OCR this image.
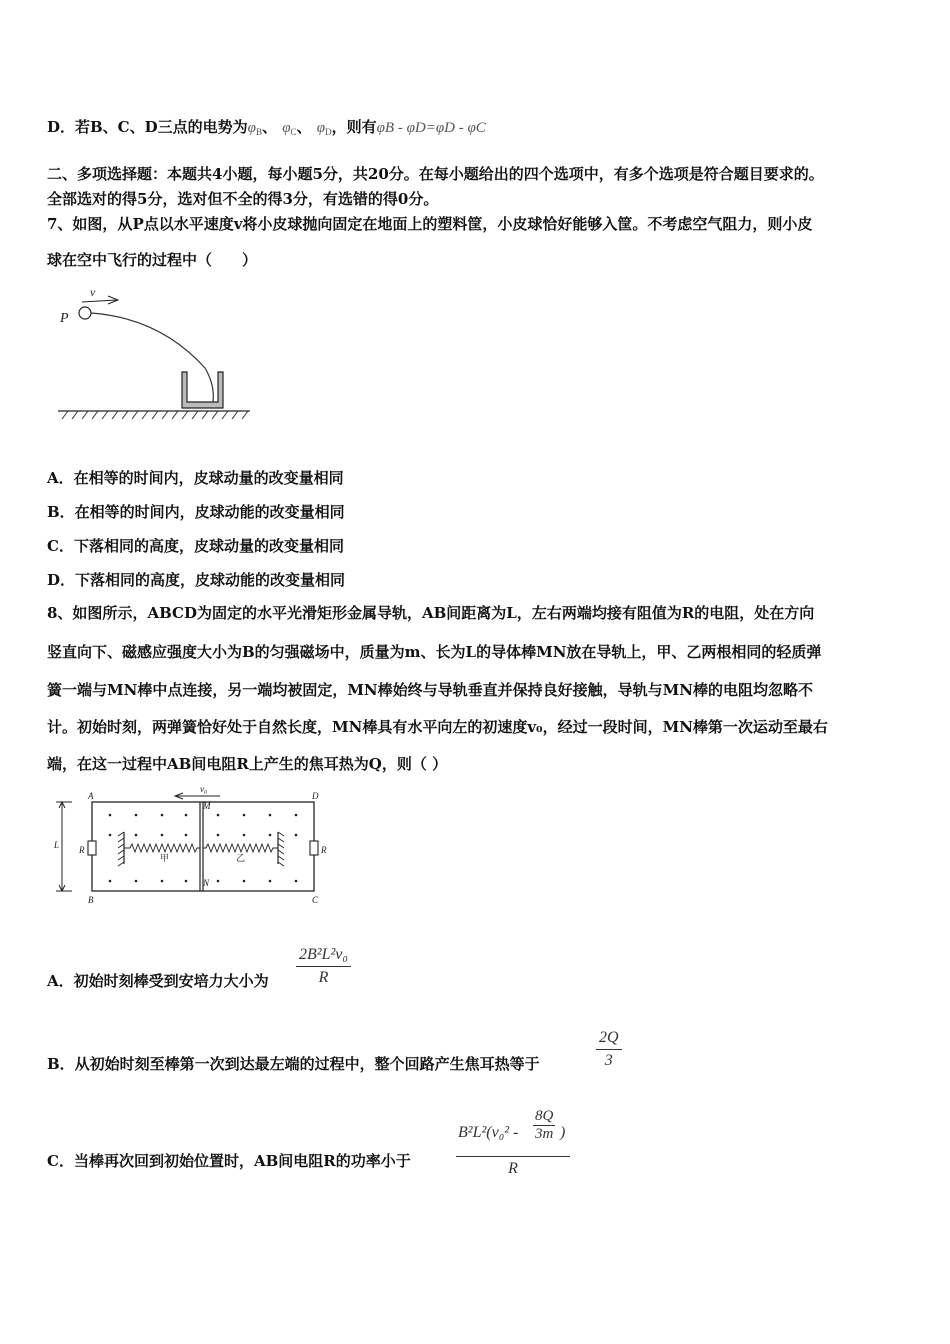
D．若B、C、D三点的电势为$\varphi_B$、 $\varphi_C$、 $\varphi_D$，则有φB - φD=φD - φC
二、多项选择题：本题共4小题，每小题5分，共20分。在每小题给出的四个选项中，有多个选项是符合题目要求的。
全部选对的得5分，选对但不全的得3分，有选错的得0分。
7、如图，从P点以水平速度v将小皮球抛向固定在地面上的塑料筐，小皮球恰好能够入筐。不考虑空气阻力，则小皮
球在空中飞行的过程中（　　）
v
P
A．在相等的时间内，皮球动量的改变量相同
B．在相等的时间内，皮球动能的改变量相同
C．下落相同的高度，皮球动量的改变量相同
D．下落相同的高度，皮球动能的改变量相同
8、如图所示，ABCD为固定的水平光滑矩形金属导轨，AB间距离为L，左右两端均接有阻值为R的电阻，处在方向
竖直向下、磁感应强度大小为B的匀强磁场中，质量为m、长为L的导体棒MN放在导轨上，甲、乙两根相同的轻质弹
簧一端与MN棒中点连接，另一端均被固定，MN棒始终与导轨垂直并保持良好接触，导轨与MN棒的电阻均忽略不
计。初始时刻，两弹簧恰好处于自然长度，MN棒具有水平向左的初速度v₀，经过一段时间，MN棒第一次运动至最右
端，在这一过程中AB间电阻R上产生的焦耳热为Q，则（ ）
A	D
B	C
M
N
L R	R
v₀
甲	乙
A．初始时刻棒受到安培力大小为 $\frac{\text{2B²L²v₀}}{R}$
B．从初始时刻至棒第一次到达最左端的过程中，整个回路产生焦耳热等于	$\frac{2Q}{3}$
C．当棒再次回到初始位置时，AB间电阻R的功率小于	$\frac{B^2L^2(v_0^2 - \frac{8Q}{3m} )}{R}$
